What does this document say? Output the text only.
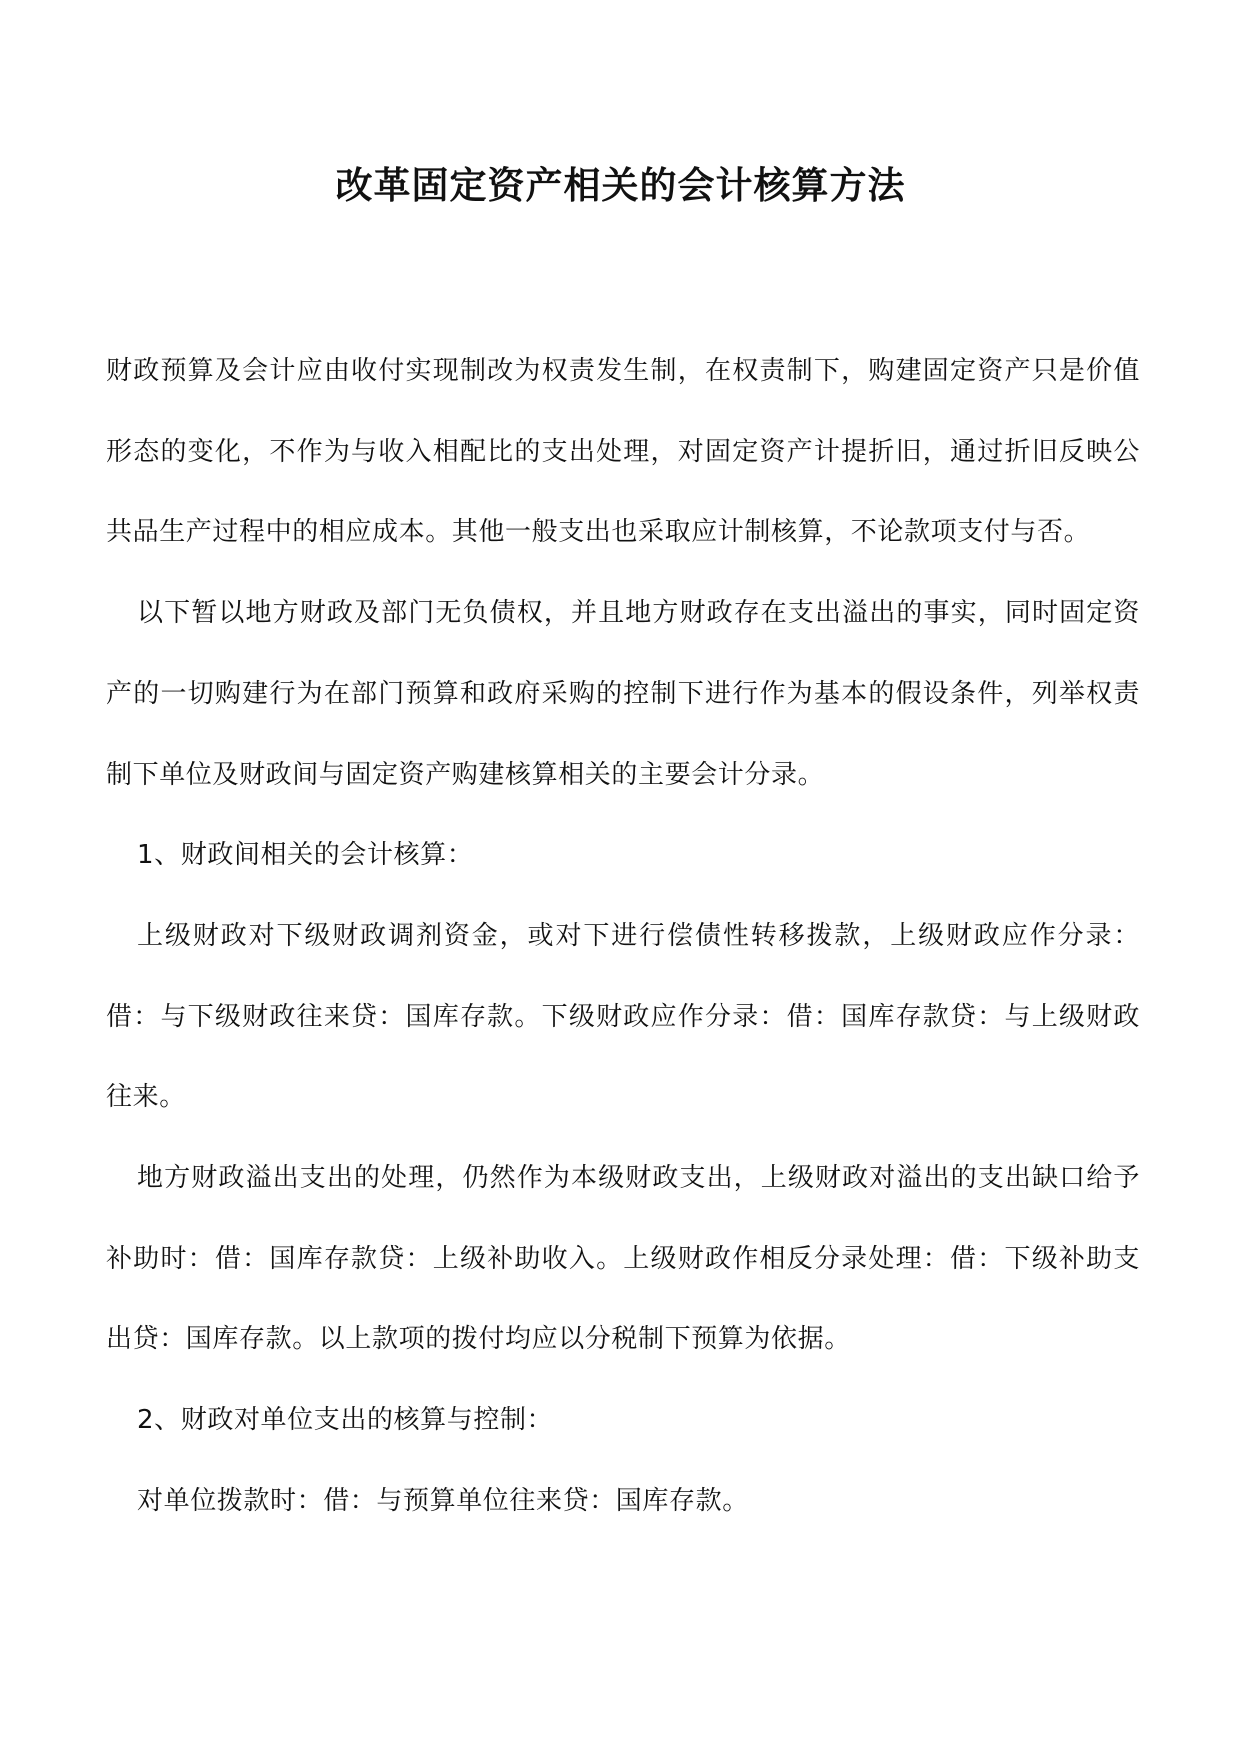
改革固定资产相关的会计核算方法

财政预算及会计应由收付实现制改为权责发生制，在权责制下，购建固定资产只是价值形态的变化，不作为与收入相配比的支出处理，对固定资产计提折旧，通过折旧反映公共品生产过程中的相应成本。其他一般支出也采取应计制核算，不论款项支付与否。

以下暂以地方财政及部门无负债权，并且地方财政存在支出溢出的事实，同时固定资产的一切购建行为在部门预算和政府采购的控制下进行作为基本的假设条件，列举权责制下单位及财政间与固定资产购建核算相关的主要会计分录。

1、财政间相关的会计核算：

上级财政对下级财政调剂资金，或对下进行偿债性转移拨款，上级财政应作分录：借：与下级财政往来贷：国库存款。下级财政应作分录：借：国库存款贷：与上级财政往来。

地方财政溢出支出的处理，仍然作为本级财政支出，上级财政对溢出的支出缺口给予补助时：借：国库存款贷：上级补助收入。上级财政作相反分录处理：借：下级补助支出贷：国库存款。以上款项的拨付均应以分税制下预算为依据。

2、财政对单位支出的核算与控制：

对单位拨款时：借：与预算单位往来贷：国库存款。
